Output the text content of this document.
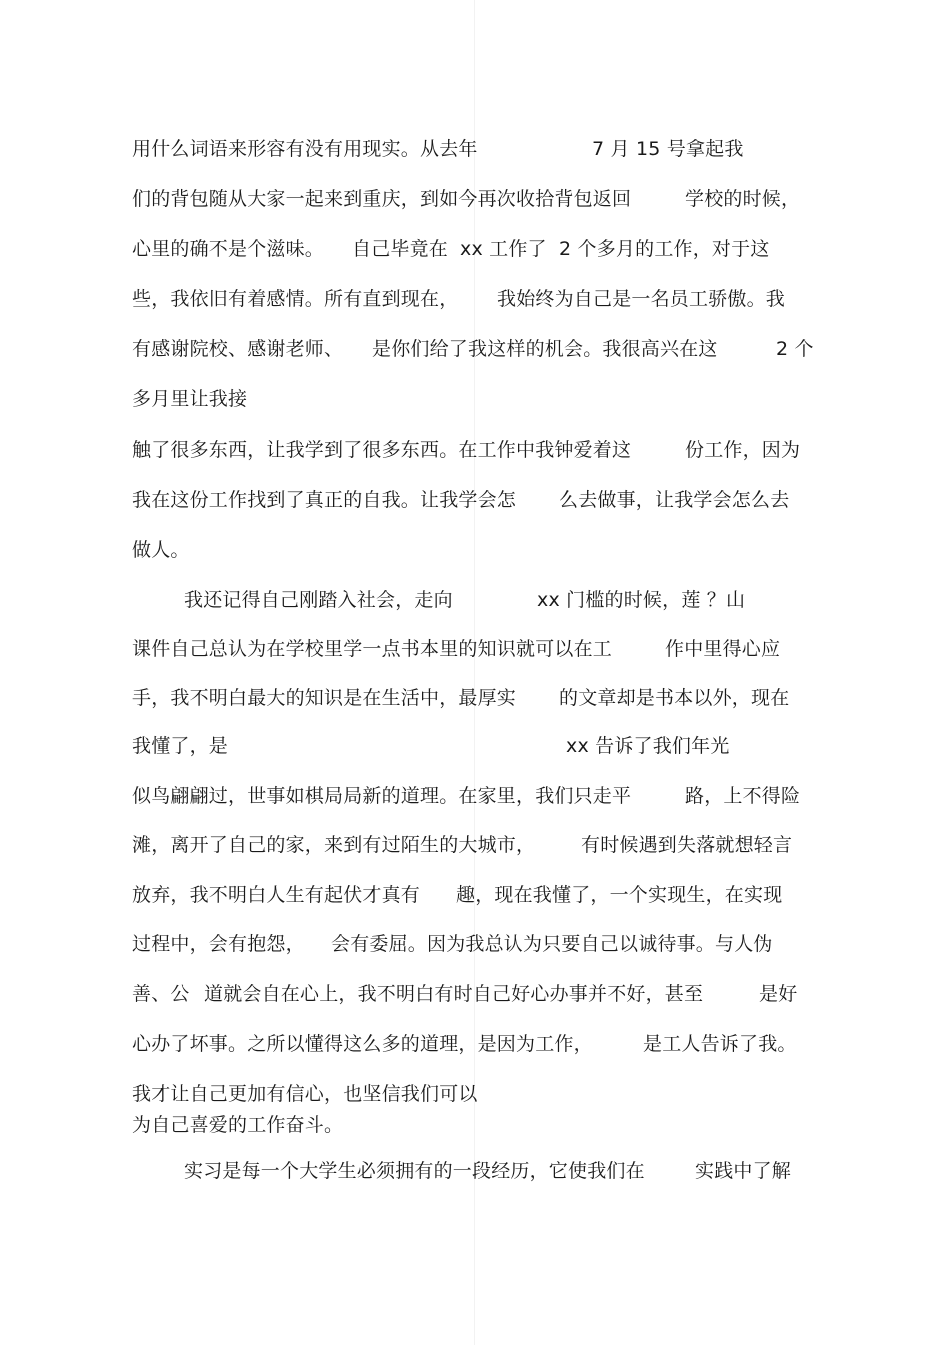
用什么词语来形容有没有用现实。从去年	7 月 15 号拿起我
们的背包随从大家一起来到重庆，到如今再次收拾背包返回	学校的时候，
心里的确不是个滋味。 自己毕竟在 xx 工作了 2 个多月的工作，对于这
些，我依旧有着感情。所有直到现在， 我始终为自己是一名员工骄傲。我
有感谢院校、感谢老师、 是你们给了我这样的机会。我很高兴在这	2 个
多月里让我接
触了很多东西，让我学到了很多东西。在工作中我钟爱着这	份工作，因为
我在这份工作找到了真正的自我。让我学会怎 么去做事，让我学会怎么去
做人。
我还记得自己刚踏入社会，走向	xx 门槛的时候，莲 ？山
课件自己总认为在学校里学一点书本里的知识就可以在工	作中里得心应
手，我不明白最大的知识是在生活中，最厚实 的文章却是书本以外，现在
我懂了，是	xx 告诉了我们年光
似鸟翩翩过，世事如棋局局新的道理。在家里，我们只走平	路，上不得险
滩，离开了自己的家，来到有过陌生的大城市， 有时候遇到失落就想轻言
放弃，我不明白人生有起伏才真有 趣，现在我懂了，一个实现生，在实现
过程中，会有抱怨， 会有委屈。因为我总认为只要自己以诚待事。与人伪
善、公 道就会自在心上，我不明白有时自己好心办事并不好，甚至	是好
心办了坏事。之所以懂得这么多的道理，是因为工作，	是工人告诉了我。
我才让自己更加有信心，也坚信我们可以
为自己喜爱的工作奋斗。
实习是每一个大学生必须拥有的一段经历，它使我们在	实践中了解
